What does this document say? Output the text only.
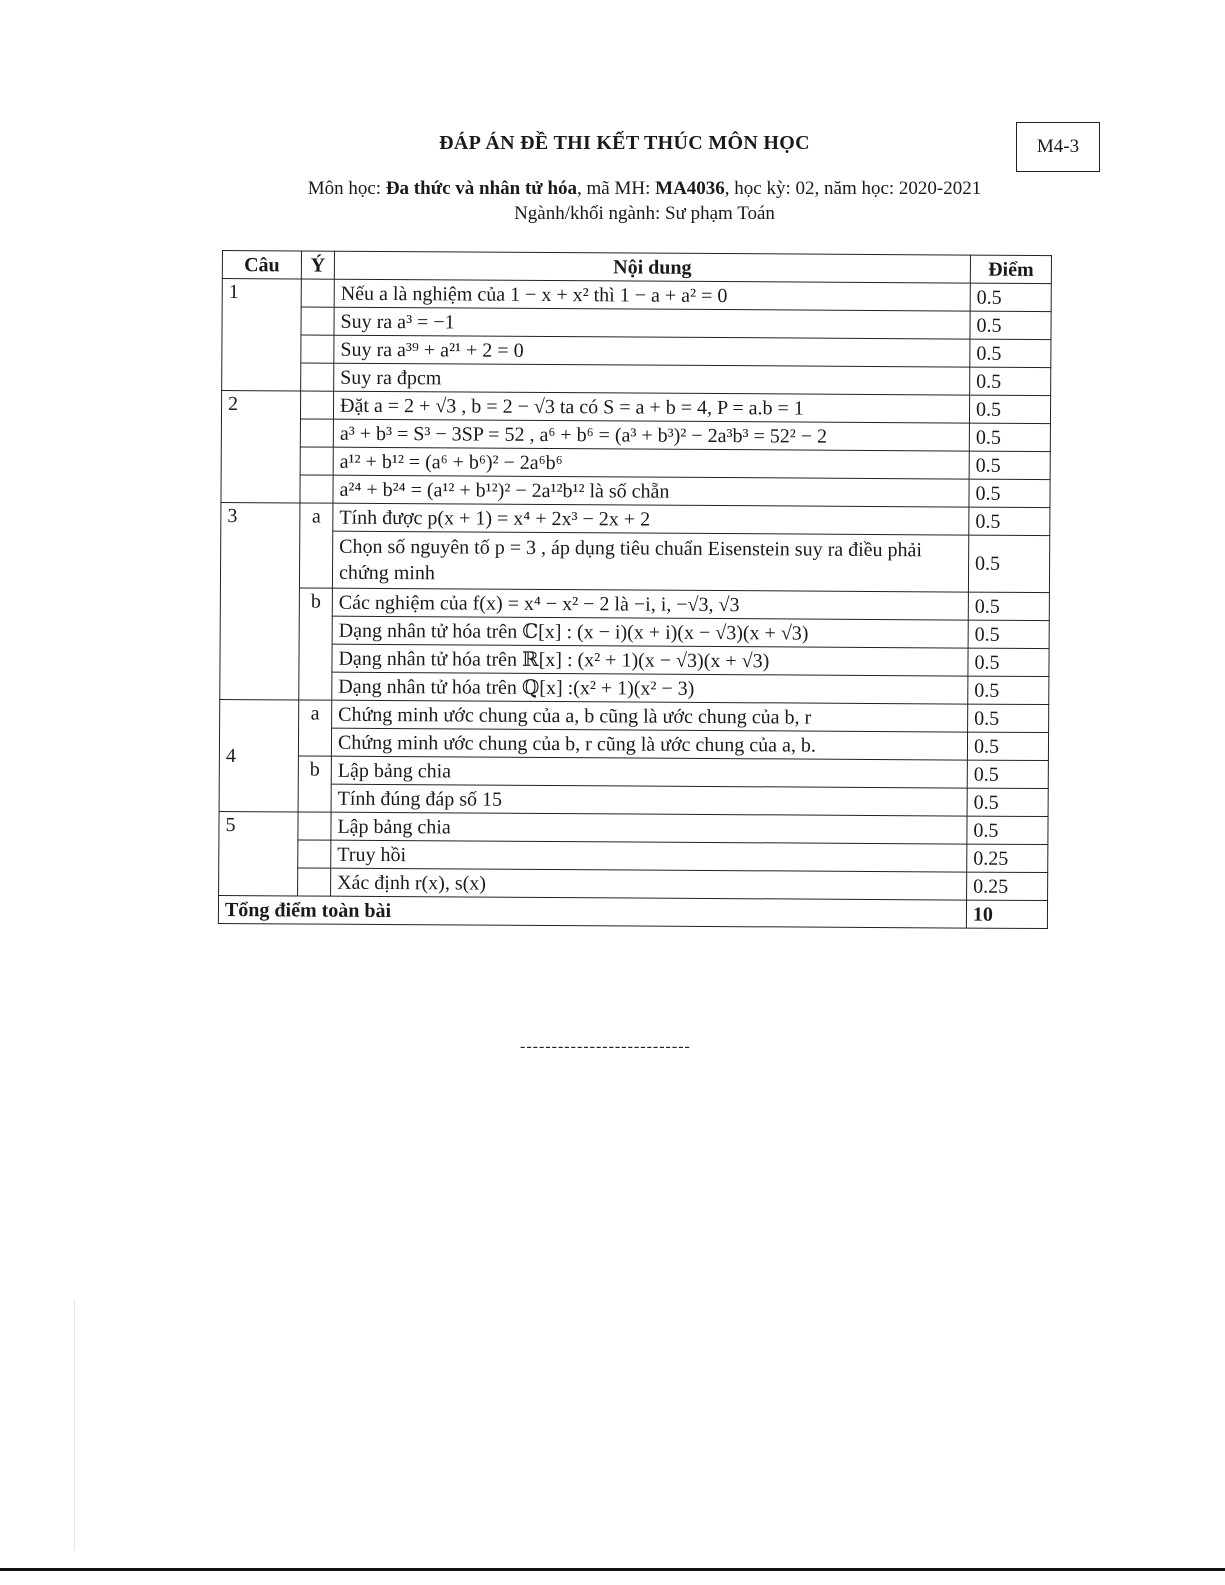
M4-3
ĐÁP ÁN ĐỀ THI KẾT THÚC MÔN HỌC
Môn học: Đa thức và nhân tử hóa, mã MH: MA4036, học kỳ: 02, năm học: 2020-2021
Ngành/khối ngành: Sư phạm Toán
Câu	Ý	Nội dung	Điểm
1		Nếu a là nghiệm của 1 − x + x² thì 1 − a + a² = 0	0.5
		Suy ra a³ = −1	0.5
		Suy ra a³⁹ + a²¹ + 2 = 0	0.5
		Suy ra đpcm	0.5
2		Đặt a = 2 + √3 , b = 2 − √3 ta có S = a + b = 4, P = a.b = 1	0.5
		a³ + b³ = S³ − 3SP = 52 , a⁶ + b⁶ = (a³ + b³)² − 2a³b³ = 52² − 2	0.5
		a¹² + b¹² = (a⁶ + b⁶)² − 2a⁶b⁶	0.5
		a²⁴ + b²⁴ = (a¹² + b¹²)² − 2a¹²b¹² là số chẵn	0.5
3	a	Tính được p(x + 1) = x⁴ + 2x³ − 2x + 2	0.5
		Chọn số nguyên tố p = 3 , áp dụng tiêu chuẩn Eisenstein suy ra điều phải chứng minh	0.5
	b	Các nghiệm của f(x) = x⁴ − x² − 2 là −i, i, −√3, √3	0.5
		Dạng nhân tử hóa trên ℂ[x] : (x − i)(x + i)(x − √3)(x + √3)	0.5
		Dạng nhân tử hóa trên ℝ[x] : (x² + 1)(x − √3)(x + √3)	0.5
		Dạng nhân tử hóa trên ℚ[x] :(x² + 1)(x² − 3)	0.5
4	a	Chứng minh ước chung của a, b cũng là ước chung của b, r	0.5
		Chứng minh ước chung của b, r cũng là ước chung của a, b.	0.5
	b	Lập bảng chia	0.5
		Tính đúng đáp số 15	0.5
5		Lập bảng chia	0.5
		Truy hồi	0.25
		Xác định r(x), s(x)	0.25
Tổng điểm toàn bài			10
---------------------------
